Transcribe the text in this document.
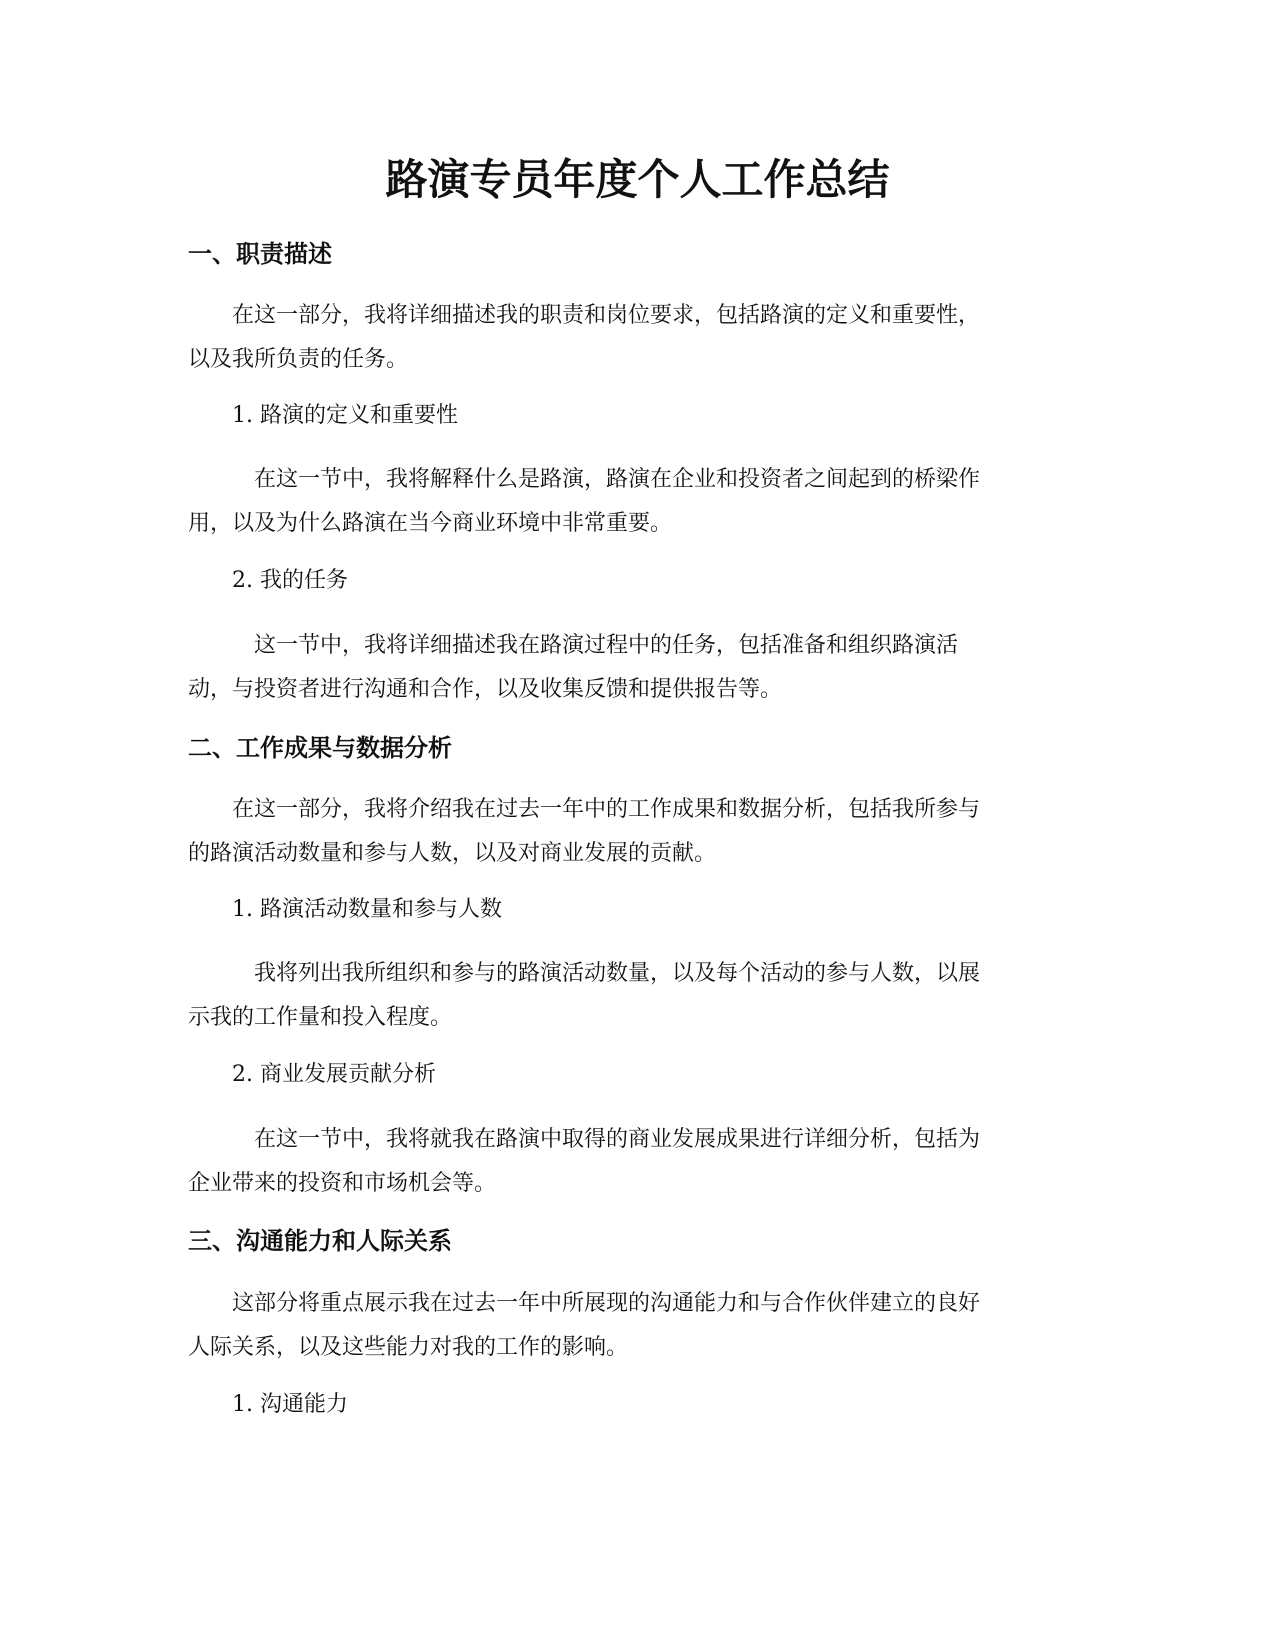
路演专员年度个人工作总结
一、职责描述
在这一部分，我将详细描述我的职责和岗位要求，包括路演的定义和重要性，
以及我所负责的任务。
1. 路演的定义和重要性
在这一节中，我将解释什么是路演，路演在企业和投资者之间起到的桥梁作
用，以及为什么路演在当今商业环境中非常重要。
2. 我的任务
这一节中，我将详细描述我在路演过程中的任务，包括准备和组织路演活
动，与投资者进行沟通和合作，以及收集反馈和提供报告等。
二、工作成果与数据分析
在这一部分，我将介绍我在过去一年中的工作成果和数据分析，包括我所参与
的路演活动数量和参与人数，以及对商业发展的贡献。
1. 路演活动数量和参与人数
我将列出我所组织和参与的路演活动数量，以及每个活动的参与人数，以展
示我的工作量和投入程度。
2. 商业发展贡献分析
在这一节中，我将就我在路演中取得的商业发展成果进行详细分析，包括为
企业带来的投资和市场机会等。
三、沟通能力和人际关系
这部分将重点展示我在过去一年中所展现的沟通能力和与合作伙伴建立的良好
人际关系，以及这些能力对我的工作的影响。
1. 沟通能力
